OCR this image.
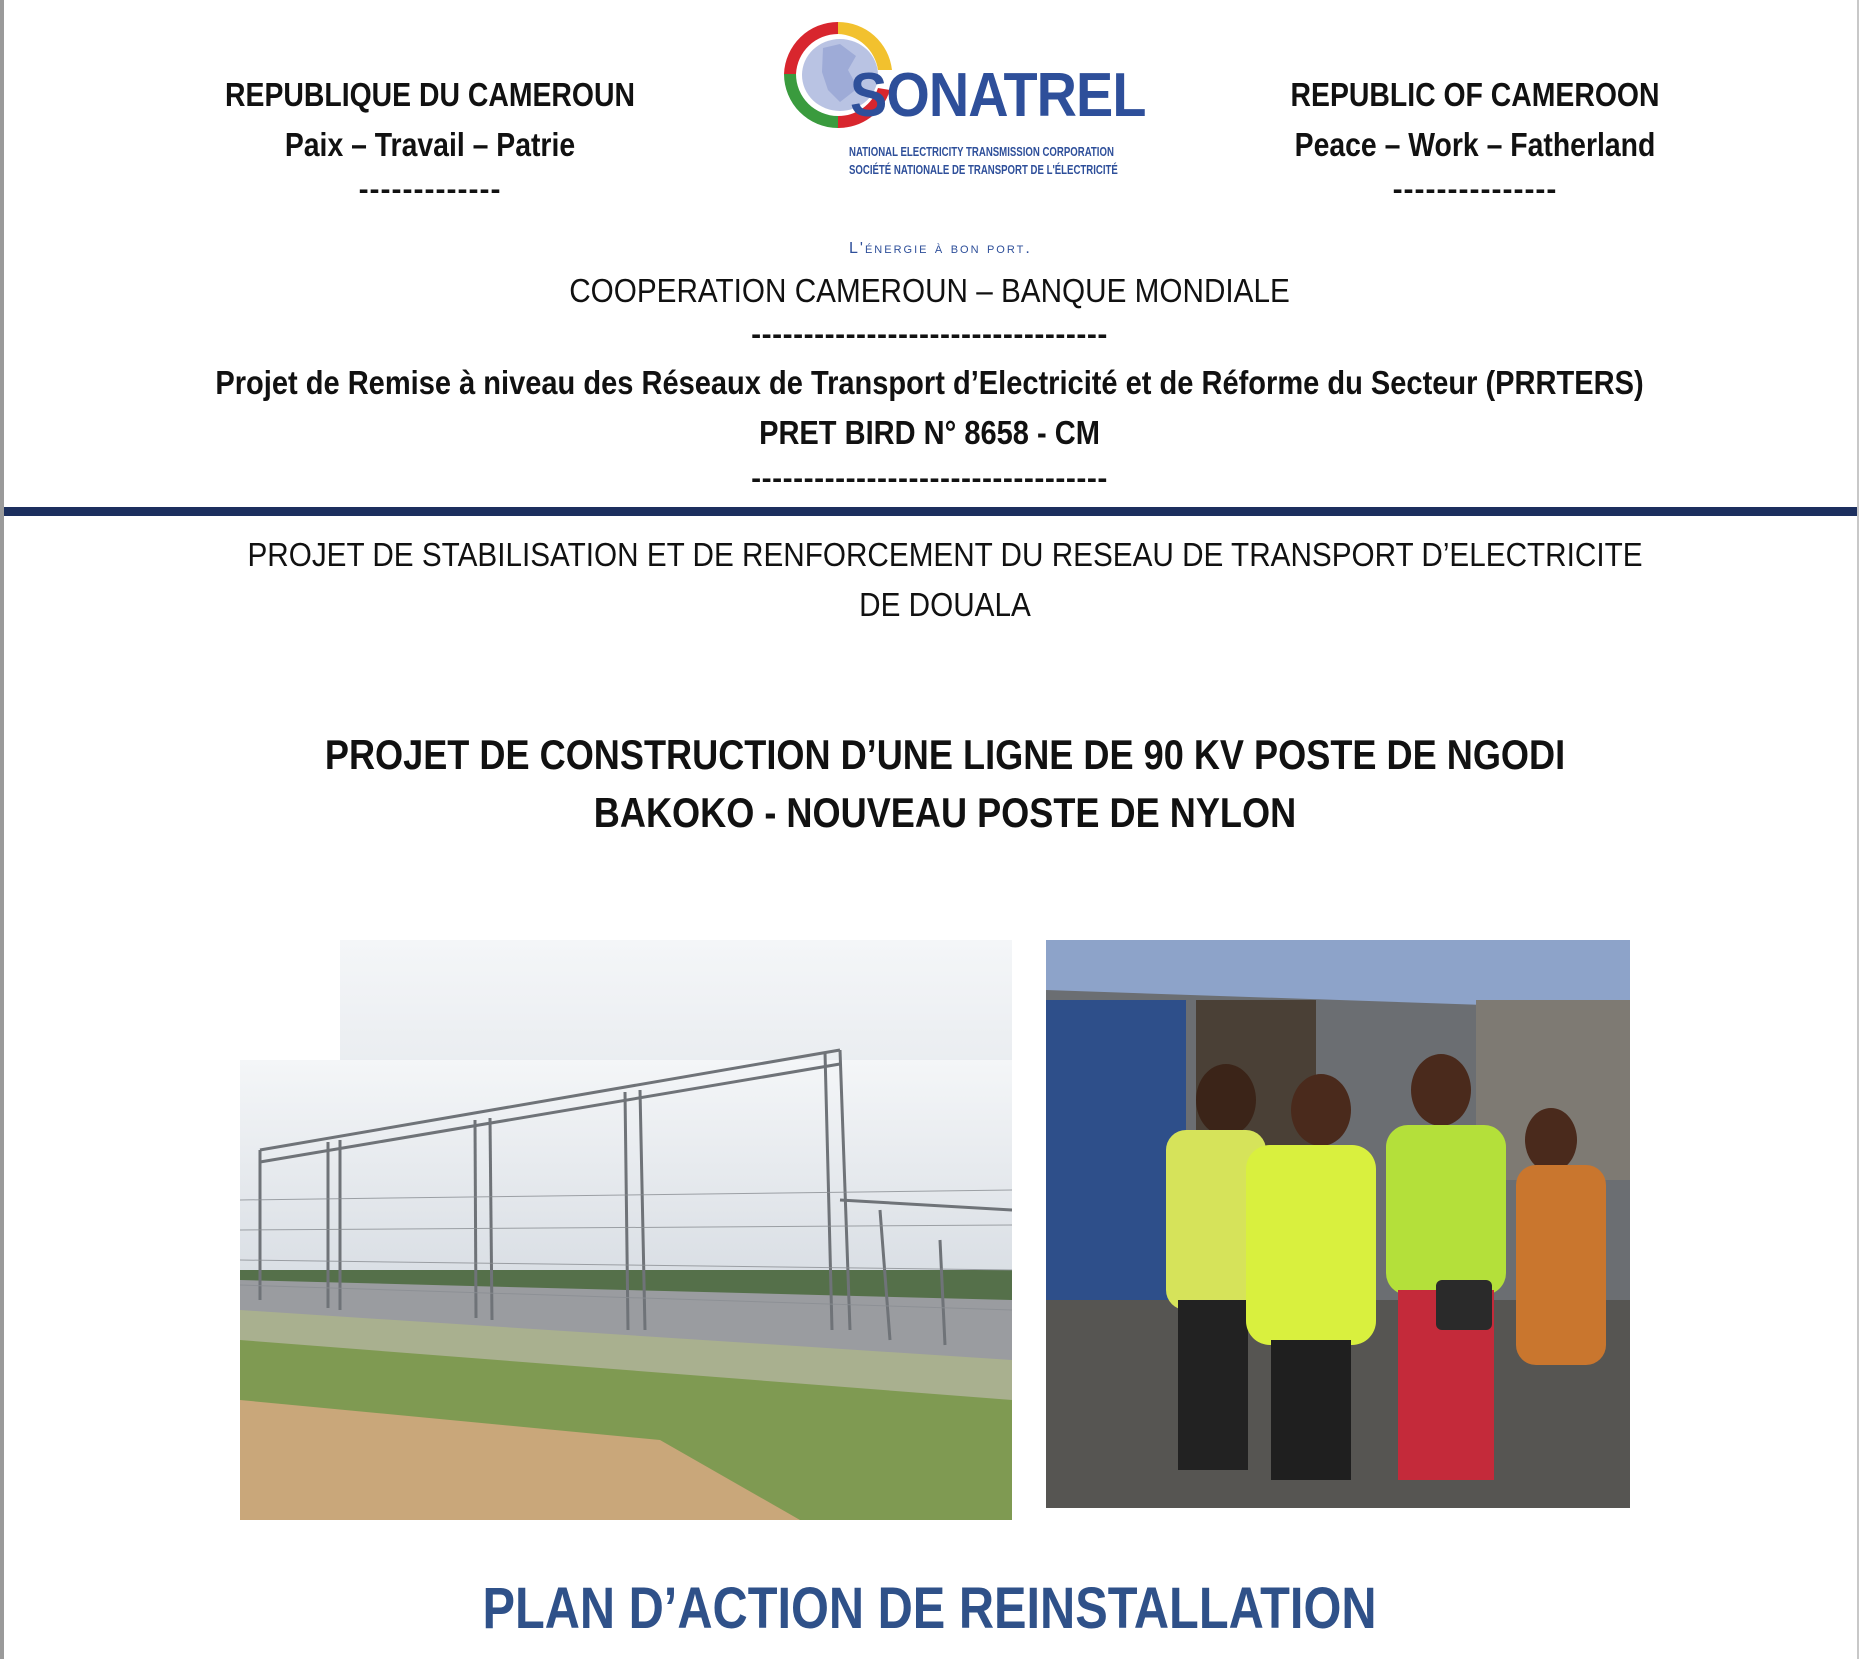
REPUBLIQUE DU CAMEROUN
Paix – Travail – Patrie
-------------
REPUBLIC OF CAMEROON
Peace – Work – Fatherland
---------------
SONATREL
NATIONAL ELECTRICITY TRANSMISSION CORPORATION
SOCIÉTÉ NATIONALE DE TRANSPORT DE L'ÉLECTRICITÉ
L'énergie à bon port.
COOPERATION CAMEROUN – BANQUE MONDIALE
----------------------------------
Projet de Remise à niveau des Réseaux de Transport d’Electricité et de Réforme du Secteur (PRRTERS)
PRET BIRD N° 8658 - CM
----------------------------------
PROJET DE STABILISATION ET DE RENFORCEMENT DU RESEAU DE TRANSPORT D’ELECTRICITE DE DOUALA
PROJET DE CONSTRUCTION D’UNE LIGNE DE 90 KV POSTE DE NGODI BAKOKO - NOUVEAU POSTE DE NYLON
PLAN D’ACTION DE REINSTALLATION
